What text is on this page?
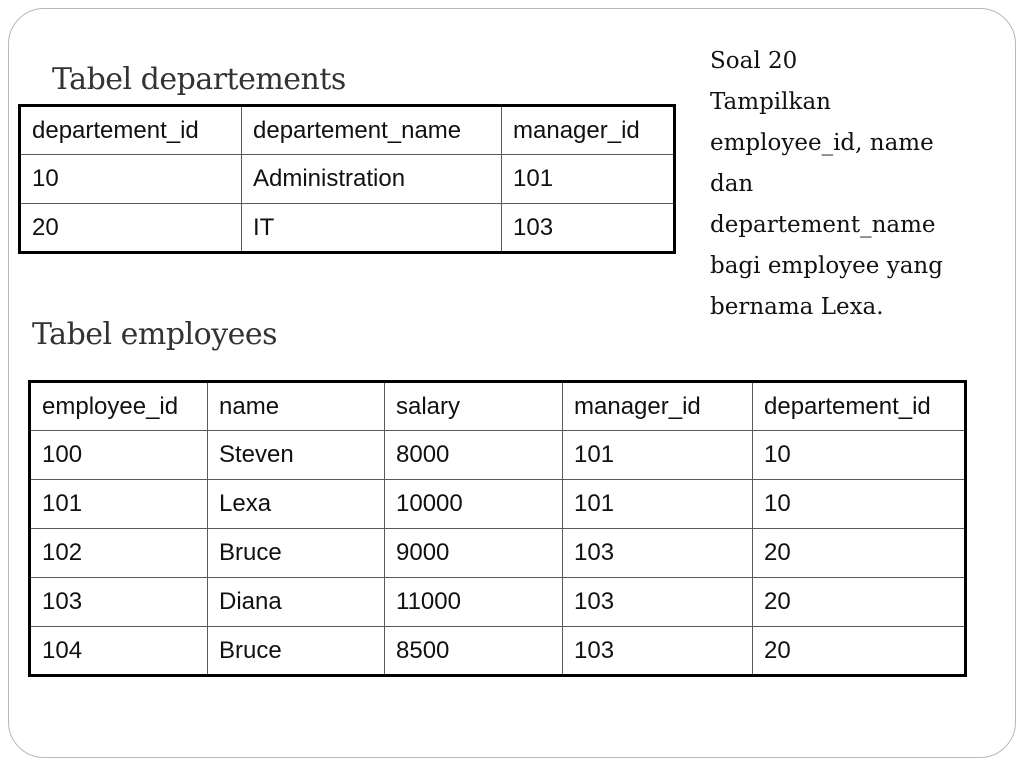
Tabel departements
departement_id	departement_name	manager_id
10	Administration	101
20	IT	103
Tabel employees
employee_id	name	salary	manager_id	departement_id
100	Steven	8000	101	10
101	Lexa	10000	101	10
102	Bruce	9000	103	20
103	Diana	11000	103	20
104	Bruce	8500	103	20
Soal 20
Tampilkan
employee_id, name
dan
departement_name
bagi employee yang
bernama Lexa.
